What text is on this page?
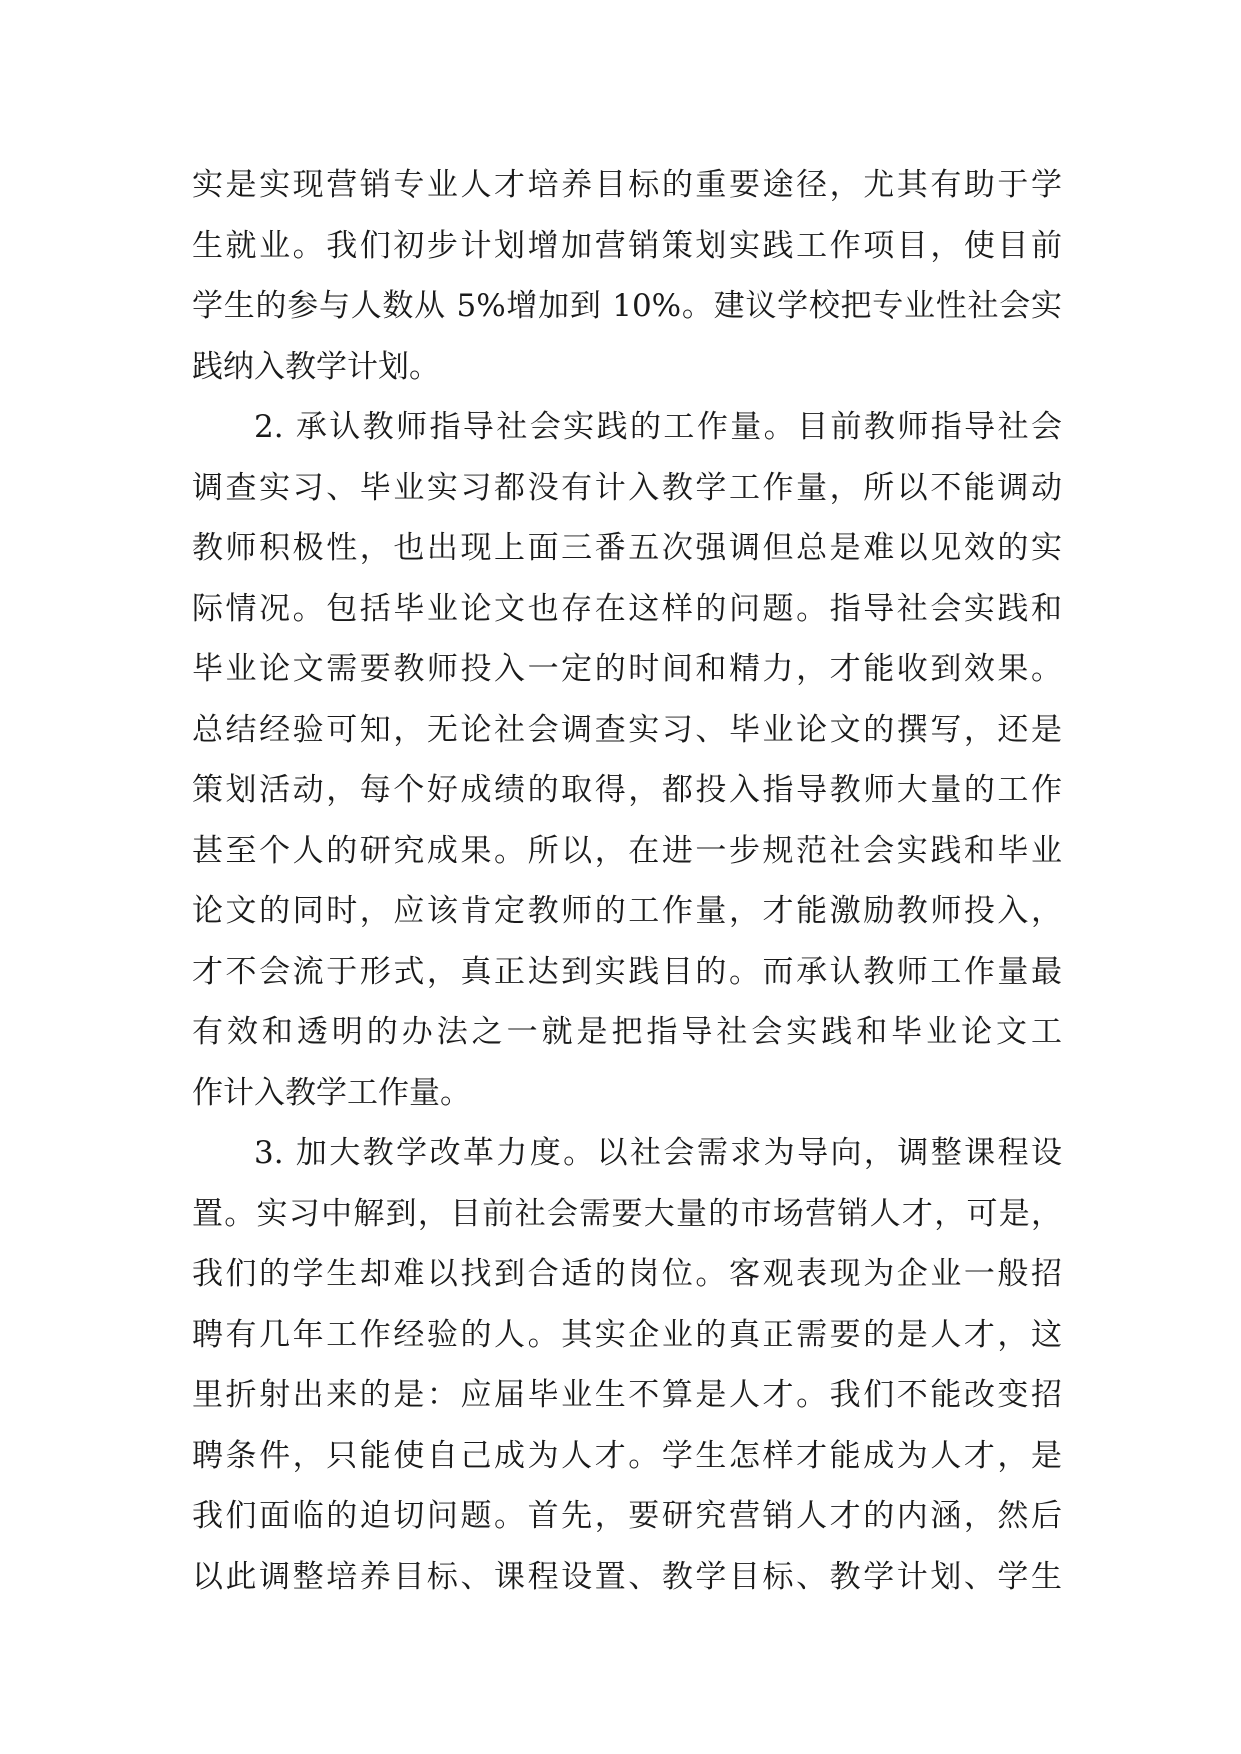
实是实现营销专业人才培养目标的重要途径，尤其有助于学
生就业。我们初步计划增加营销策划实践工作项目，使目前
学生的参与人数从 5%增加到 10%。建议学校把专业性社会实
践纳入教学计划。
2. 承认教师指导社会实践的工作量。目前教师指导社会
调查实习、毕业实习都没有计入教学工作量，所以不能调动
教师积极性，也出现上面三番五次强调但总是难以见效的实
际情况。包括毕业论文也存在这样的问题。指导社会实践和
毕业论文需要教师投入一定的时间和精力，才能收到效果。
总结经验可知，无论社会调查实习、毕业论文的撰写，还是
策划活动，每个好成绩的取得，都投入指导教师大量的工作
甚至个人的研究成果。所以，在进一步规范社会实践和毕业
论文的同时，应该肯定教师的工作量，才能激励教师投入，
才不会流于形式，真正达到实践目的。而承认教师工作量最
有效和透明的办法之一就是把指导社会实践和毕业论文工
作计入教学工作量。
3. 加大教学改革力度。以社会需求为导向，调整课程设
置。实习中解到，目前社会需要大量的市场营销人才，可是，
我们的学生却难以找到合适的岗位。客观表现为企业一般招
聘有几年工作经验的人。其实企业的真正需要的是人才，这
里折射出来的是：应届毕业生不算是人才。我们不能改变招
聘条件，只能使自己成为人才。学生怎样才能成为人才，是
我们面临的迫切问题。首先，要研究营销人才的内涵，然后
以此调整培养目标、课程设置、教学目标、教学计划、学生
